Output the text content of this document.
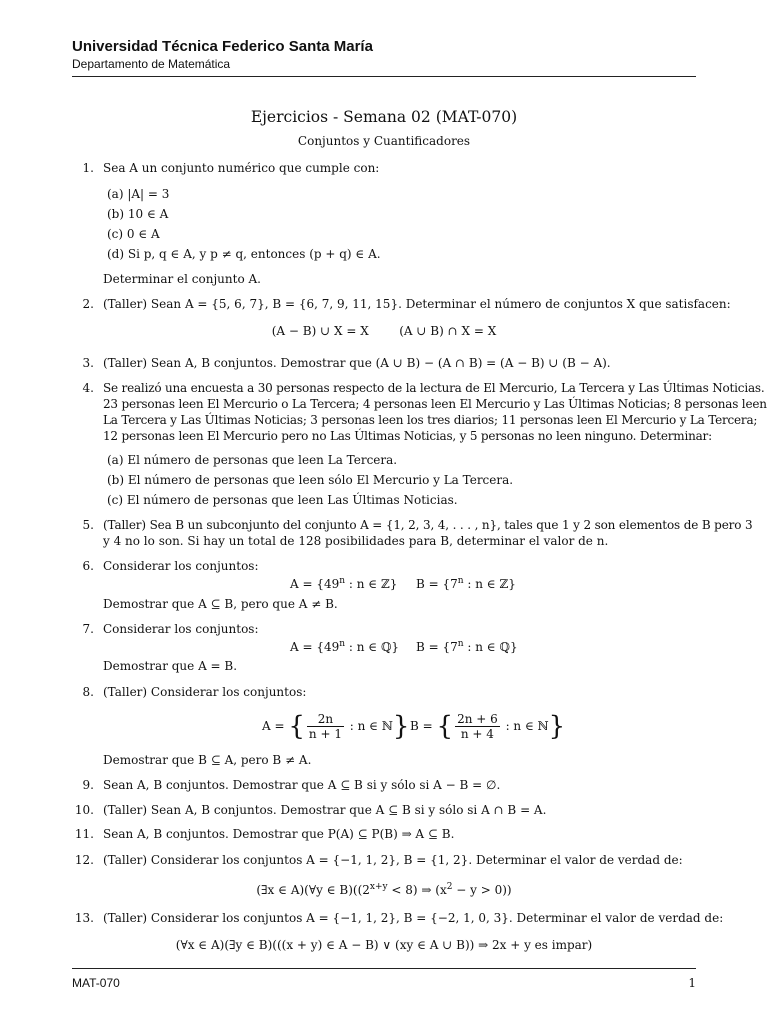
Universidad Técnica Federico Santa María
Departamento de Matemática
Ejercicios - Semana 02 (MAT-070)
Conjuntos y Cuantificadores
1. Sea A un conjunto numérico que cumple con:
(a) |A| = 3
(b) 10 ∈ A
(c) 0 ∈ A
(d) Si p, q ∈ A, y p ≠ q, entonces (p + q) ∈ A.
Determinar el conjunto A.
2. (Taller) Sean A = {5, 6, 7}, B = {6, 7, 9, 11, 15}. Determinar el número de conjuntos X que satisfacen:
(A − B) ∪ X = X        (A ∪ B) ∩ X = X
3. (Taller) Sean A, B conjuntos. Demostrar que (A ∪ B) − (A ∩ B) = (A − B) ∪ (B − A).
4. Se realizó una encuesta a 30 personas respecto de la lectura de El Mercurio, La Tercera y Las Últimas Noticias.
23 personas leen El Mercurio o La Tercera; 4 personas leen El Mercurio y Las Últimas Noticias; 8 personas leen
La Tercera y Las Últimas Noticias; 3 personas leen los tres diarios; 11 personas leen El Mercurio y La Tercera;
12 personas leen El Mercurio pero no Las Últimas Noticias, y 5 personas no leen ninguno. Determinar:
(a) El número de personas que leen La Tercera.
(b) El número de personas que leen sólo El Mercurio y La Tercera.
(c) El número de personas que leen Las Últimas Noticias.
5. (Taller) Sea B un subconjunto del conjunto A = {1, 2, 3, 4, . . . , n}, tales que 1 y 2 son elementos de B pero 3
y 4 no lo son. Si hay un total de 128 posibilidades para B, determinar el valor de n.
6. Considerar los conjuntos:
$A = \{49^n$ : n ∈ ℤ} $B = \{7^n$ : n ∈ ℤ}
Demostrar que A ⊆ B, pero que A ≠ B.
7. Considerar los conjuntos:
$A = \{49^n$ : n ∈ ℚ} $B = \{7^n$ : n ∈ ℚ}
Demostrar que A = B.
8. (Taller) Considerar los conjuntos:
A = { $\frac{2n}{n + 1}$ : n ∈ ℕ} B = { $\frac{2n + 6}{n + 4}$ : n ∈ ℕ}
Demostrar que B ⊆ A, pero B ≠ A.
9. Sean A, B conjuntos. Demostrar que A ⊆ B si y sólo si A − B = ∅.
10. (Taller) Sean A, B conjuntos. Demostrar que A ⊆ B si y sólo si A ∩ B = A.
11. Sean A, B conjuntos. Demostrar que P(A) ⊆ P(B) ⇒ A ⊆ B.
12. (Taller) Considerar los conjuntos A = {−1, 1, 2}, B = {1, 2}. Determinar el valor de verdad de:
(∃x ∈ A)(∀y ∈ $B)((2^{x+y} < 8)$ ⇒ $(x^2 - y > 0)$)
13. (Taller) Considerar los conjuntos A = {−1, 1, 2}, B = {−2, 1, 0, 3}. Determinar el valor de verdad de:
(∀x ∈ A)(∃y ∈ B)(((x + y) ∈ A − B) ∨ (xy ∈ A ∪ B)) ⇒ 2x + y es impar)
MAT-070	1
